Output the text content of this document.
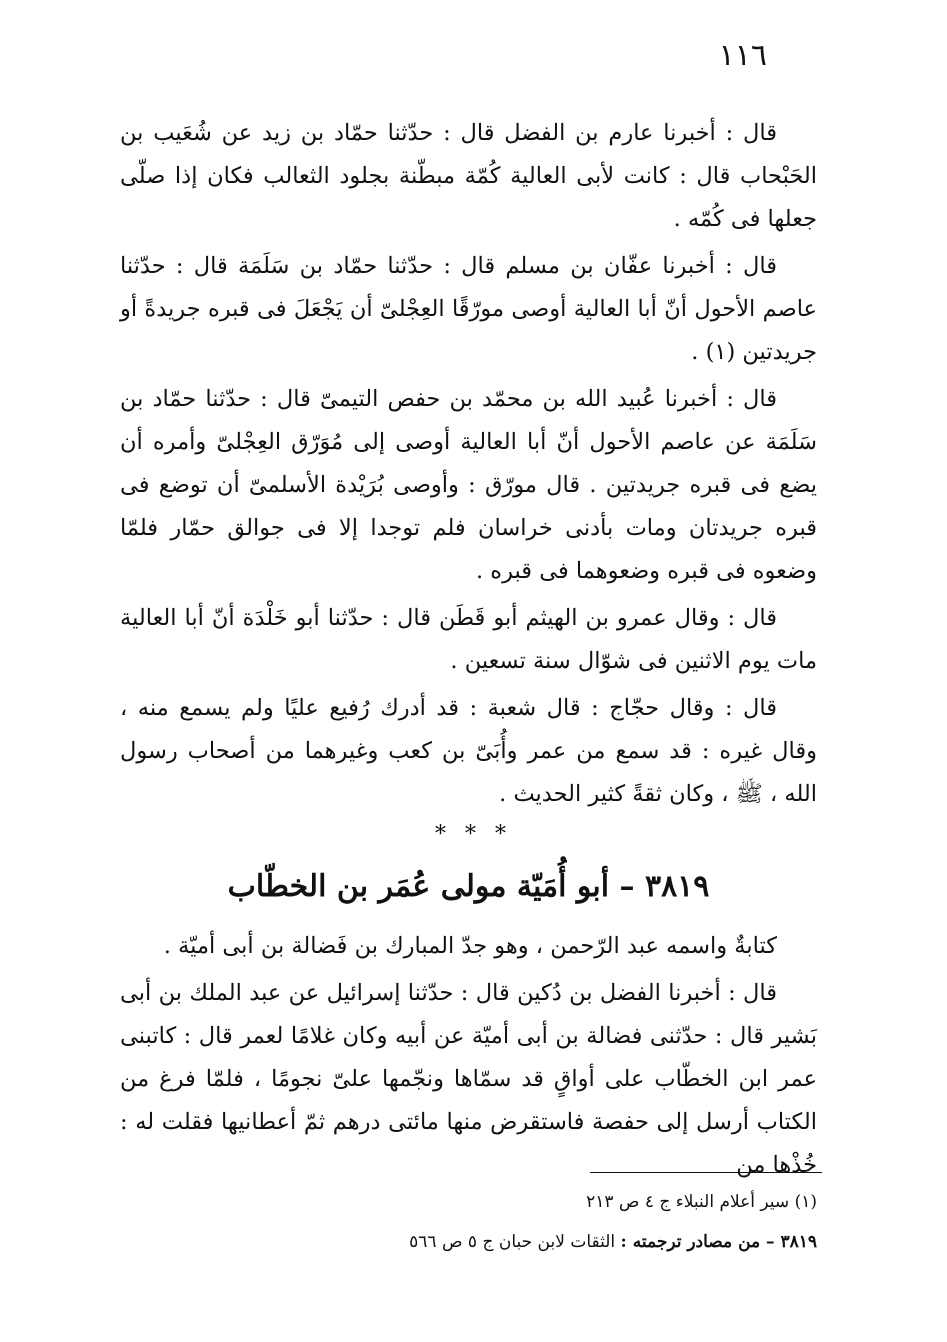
١١٦

قال : أخبرنا عارم بن الفضل قال : حدّثنا حمّاد بن زيد عن شُعَيب بن الحَبْحاب قال : كانت لأبى العالية كُمّة مبطّنة بجلود الثعالب فكان إذا صلّى جعلها فى كُمّه .

قال : أخبرنا عفّان بن مسلم قال : حدّثنا حمّاد بن سَلَمَة قال : حدّثنا عاصم الأحول أنّ أبا العالية أوصى مورّقًا العِجْلىّ أن يَجْعَلَ فى قبره جريدةً أو جريدتين (١) .

قال : أخبرنا عُبيد الله بن محمّد بن حفص التيمىّ قال : حدّثنا حمّاد بن سَلَمَة عن عاصم الأحول أنّ أبا العالية أوصى إلى مُوَرّق العِجْلىّ وأمره أن يضع فى قبره جريدتين . قال مورّق : وأوصى بُرَيْدة الأسلمىّ أن توضع فى قبره جريدتان ومات بأدنى خراسان فلم توجدا إلا فى جوالق حمّار فلمّا وضعوه فى قبره وضعوهما فى قبره .

قال : وقال عمرو بن الهيثم أبو قَطَن قال : حدّثنا أبو خَلْدَة أنّ أبا العالية مات يوم الاثنين فى شوّال سنة تسعين .

قال : وقال حجّاج : قال شعبة : قد أدرك رُفيع عليًا ولم يسمع منه ، وقال غيره : قد سمع من عمر وأُبَىّ بن كعب وغيرهما من أصحاب رسول الله ، ﷺ ، وكان ثقةً كثير الحديث .

* * *
٣٨١٩ – أبو أُمَيّة مولى عُمَر بن الخطّاب

كتابةٌ واسمه عبد الرّحمن ، وهو جدّ المبارك بن فَضالة بن أبى أميّة .

قال : أخبرنا الفضل بن دُكين قال : حدّثنا إسرائيل عن عبد الملك بن أبى بَشير قال : حدّثنى فضالة بن أبى أميّة عن أبيه وكان غلامًا لعمر قال : كاتبنى عمر ابن الخطّاب على أواقٍ قد سمّاها ونجّمها علىّ نجومًا ، فلمّا فرغ من الكتاب أرسل إلى حفصة فاستقرض منها مائتى درهم ثمّ أعطانيها فقلت له : خُذْها من

(١) سير أعلام النبلاء ج ٤ ص ٢١٣

٣٨١٩ – من مصادر ترجمته : الثقات لابن حبان ج ٥ ص ٥٦٦
